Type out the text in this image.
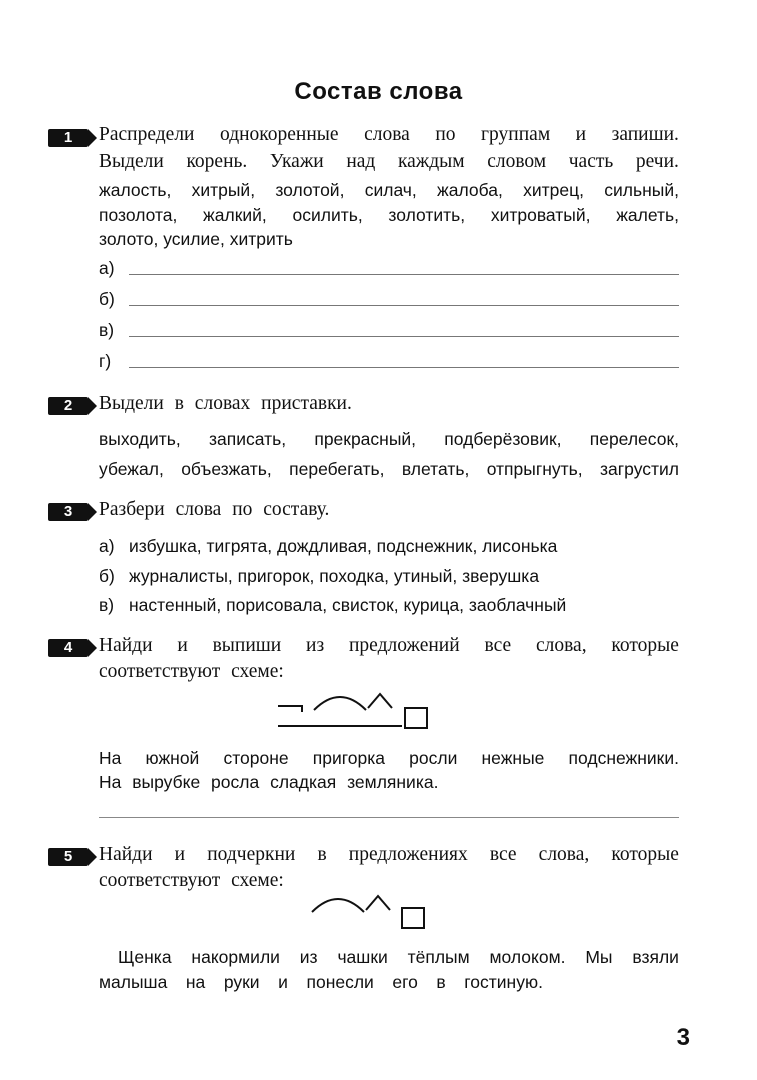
Состав слова
1	Распредели однокоренные слова по группам и запиши.
Выдели корень. Укажи над каждым словом часть речи.
жалость, хитрый, золотой, силач, жалоба, хитрец, сильный,
позолота, жалкий, осилить, золотить, хитроватый, жалеть,
золото, усилие, хитрить
а)
б)
в)
г)
2	Выдели в словах приставки.
выходить, записать, прекрасный, подберёзовик, перелесок,
убежал, объезжать, перебегать, влетать, отпрыгнуть, загрустил
3	Разбери слова по составу.
а) избушка, тигрята, дождливая, подснежник, лисонька
б) журналисты, пригорок, походка, утиный, зверушка
в) настенный, порисовала, свисток, курица, заоблачный
4	Найди и выпиши из предложений все слова, которые
соответствуют схеме:
На южной стороне пригорка росли нежные подснежники.
На вырубке росла сладкая земляника.
5	Найди и подчеркни в предложениях все слова, которые
соответствуют схеме:
Щенка накормили из чашки тёплым молоком. Мы взяли
малыша на руки и понесли его в гостиную.
3
